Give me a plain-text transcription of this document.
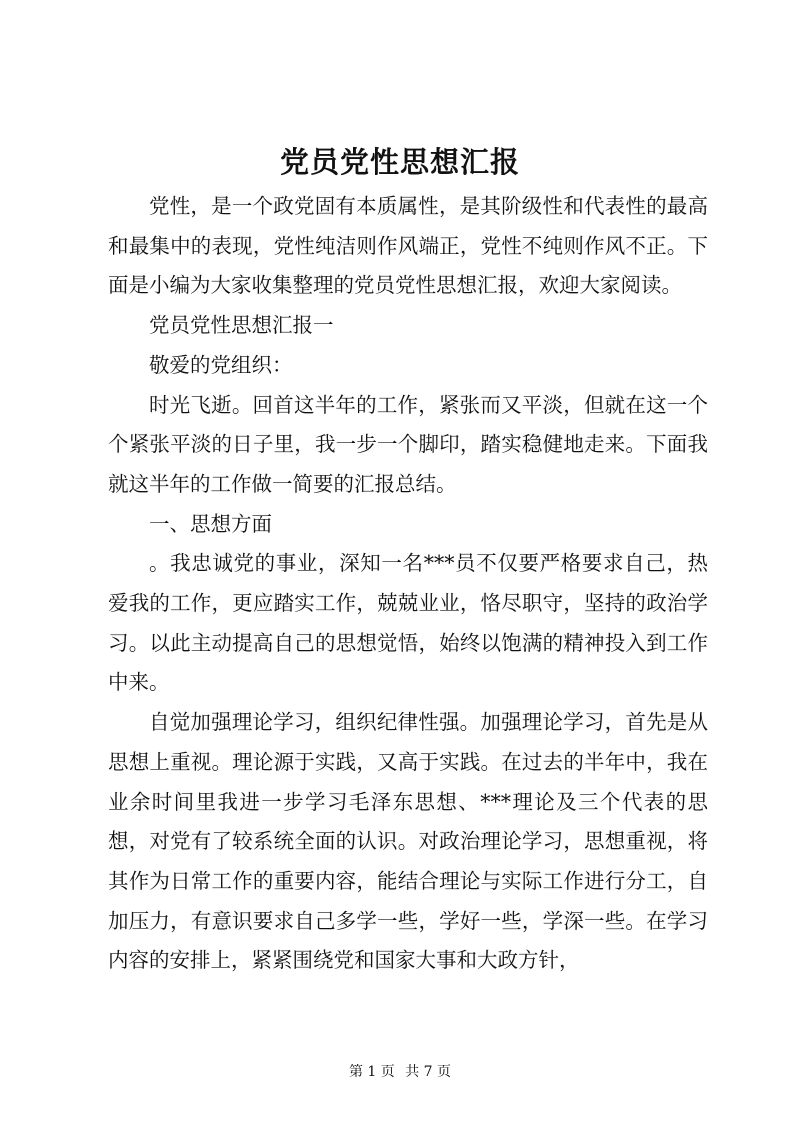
党员党性思想汇报

党性，是一个政党固有本质属性，是其阶级性和代表性的最高和最集中的表现，党性纯洁则作风端正，党性不纯则作风不正。下面是小编为大家收集整理的党员党性思想汇报，欢迎大家阅读。

党员党性思想汇报一

敬爱的党组织：

时光飞逝。回首这半年的工作，紧张而又平淡，但就在这一个个紧张平淡的日子里，我一步一个脚印，踏实稳健地走来。下面我就这半年的工作做一简要的汇报总结。

一、思想方面

。我忠诚党的事业，深知一名***员不仅要严格要求自己，热爱我的工作，更应踏实工作，兢兢业业，恪尽职守，坚持的政治学习。以此主动提高自己的思想觉悟，始终以饱满的精神投入到工作中来。

自觉加强理论学习，组织纪律性强。加强理论学习，首先是从思想上重视。理论源于实践，又高于实践。在过去的半年中，我在业余时间里我进一步学习毛泽东思想、***理论及三个代表的思想，对党有了较系统全面的认识。对政治理论学习，思想重视，将其作为日常工作的重要内容，能结合理论与实际工作进行分工，自加压力，有意识要求自己多学一些，学好一些，学深一些。在学习内容的安排上，紧紧围绕党和国家大事和大政方针，

第 1 页 共 7 页
